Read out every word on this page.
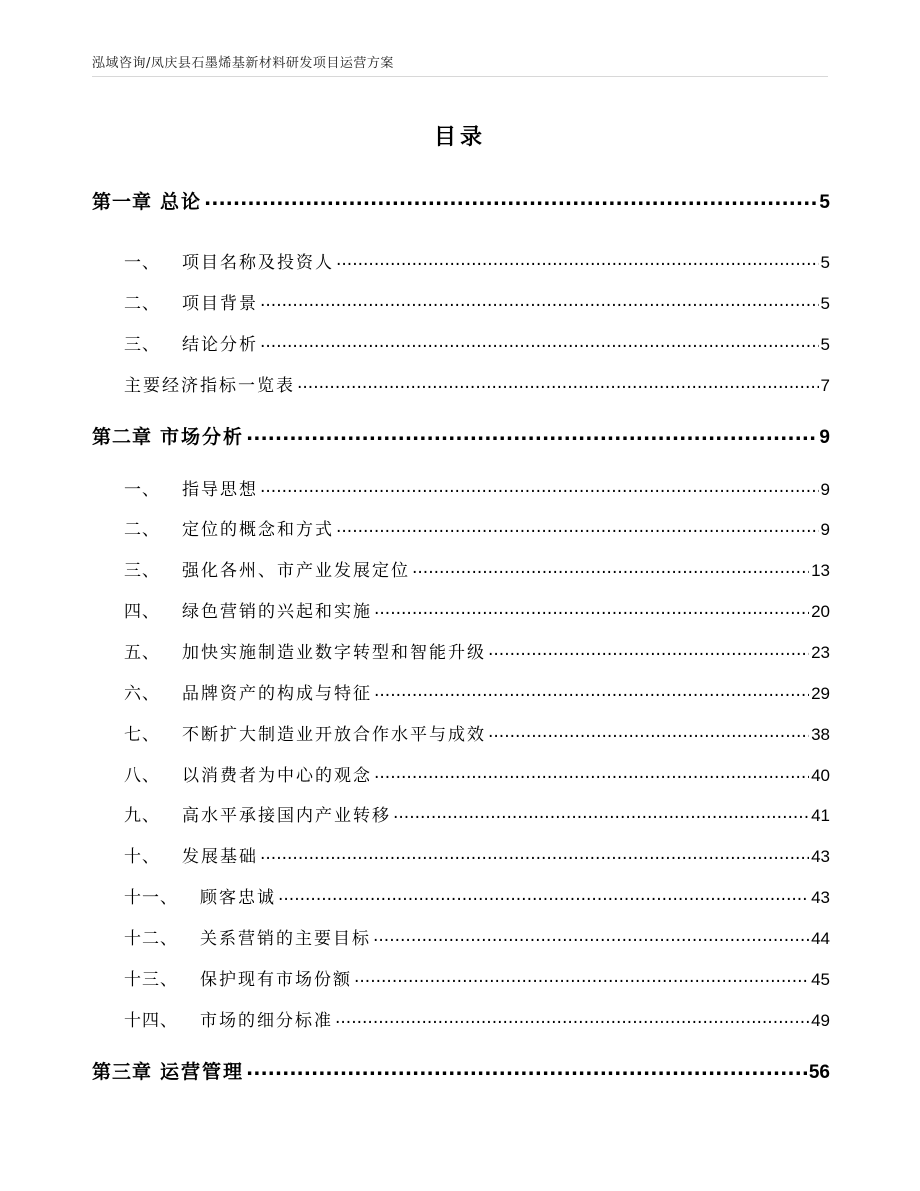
泓域咨询/凤庆县石墨烯基新材料研发项目运营方案
目录
第一章 总论 .....	5
一、 项目名称及投资人 .....	5
二、 项目背景 .....	5
三、 结论分析 .....	5
主要经济指标一览表 .....	7
第二章 市场分析 .....	9
一、 指导思想 .....	9
二、 定位的概念和方式 .....	9
三、 强化各州、市产业发展定位 .....	13
四、 绿色营销的兴起和实施 .....	20
五、 加快实施制造业数字转型和智能升级 .....	23
六、 品牌资产的构成与特征 .....	29
七、 不断扩大制造业开放合作水平与成效 .....	38
八、 以消费者为中心的观念 .....	40
九、 高水平承接国内产业转移 .....	41
十、 发展基础 .....	43
十一、 顾客忠诚 .....	43
十二、 关系营销的主要目标 .....	44
十三、 保护现有市场份额 .....	45
十四、 市场的细分标准 .....	49
第三章 运营管理 .....	56
